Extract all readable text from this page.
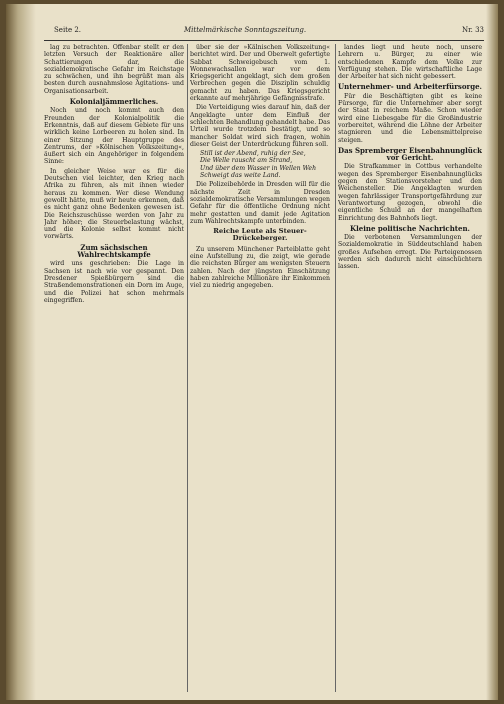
Seite 2.	Mittelmärkische Sonntagszeitung.	Nr. 33

lag zu betrachten. Offenbar stellt er den letzten Versuch der Reaktionäre aller Schattierungen dar, die sozialdemokratische Gefahr im Reichstage zu schwächen, und ihn begrüßt man als besten durch ausnahmslose Agitations- und Organisationsarbeit.

Kolonialjämmerliches.

Noch und noch kommt auch den Freunden der Kolonialpolitik die Erkenntnis, daß auf diesem Gebiete für uns wirklich keine Lorbeeren zu holen sind. In einer Sitzung der Hauptgruppe des Zentrums, der »Kölnischen Volkszeitung«, äußert sich ein Angehöriger in folgendem Sinne:

In gleicher Weise war es für die Deutschen viel leichter, den Krieg nach Afrika zu führen, als mit ihnen wieder heraus zu kommen. Wer diese Wendung gewollt hätte, muß wir heute erkennen, daß es nicht ganz ohne Bedenken gewesen ist. Die Reichszuschüsse werden von Jahr zu Jahr höher; die Steuerbelastung wächst, und die Kolonie selbst kommt nicht vorwärts.

Zum sächsischen Wahlrechtskampfe

wird uns geschrieben: Die Lage in Sachsen ist nach wie vor gespannt. Den Dresdener Spießbürgern sind die Straßendemonstrationen ein Dorn im Auge, und die Polizei hat schon mehrmals eingegriffen.

über sie der »Kälnischen Volkszeitung« berichtet wird. Der und Oberwelt gefertigte Sabbat Schweigebusch vom 1. Wonnewachsallen war vor dem Kriegsgericht angeklagt, sich dem großen Verbrechen gegen die Disziplin schuldig gemacht zu haben. Das Kriegsgericht erkannte auf mehrjährige Gefängnisstrafe.

Die Verteidigung wies darauf hin, daß der Angeklagte unter dem Einfluß der schlechten Behandlung gehandelt habe. Das Urteil wurde trotzdem bestätigt, und so mancher Soldat wird sich fragen, wohin dieser Geist der Unterdrückung führen soll.

Still ist der Abend, ruhig der See,
Die Welle rauscht am Strand,
Und über dem Wasser in Wellen Weh
Schweigt das weite Land.

Die Polizeibehörde in Dresden will für die nächste Zeit in Dresden sozialdemokratische Versammlungen wegen Gefahr für die öffentliche Ordnung nicht mehr gestatten und damit jede Agitation zum Wahlrechtskampfe unterbinden.

Reiche Leute als Steuer-Drückeberger.

Zu unserem Münchener Parteiblatte geht eine Aufstellung zu, die zeigt, wie gerade die reichsten Bürger am wenigsten Steuern zahlen. Nach der jüngsten Einschätzung haben zahlreiche Millionäre ihr Einkommen viel zu niedrig angegeben.

landes liegt und heute noch, unsere Lehrern u. Bürger, zu einer wie entschiedenen Kampfe dem Volke zur Verfügung stehen. Die wirtschaftliche Lage der Arbeiter hat sich nicht gebessert.

Unternehmer- und Arbeiterfürsorge.

Für die Beschäftigten gibt es keine Fürsorge, für die Unternehmer aber sorgt der Staat in reichem Maße. Schon wieder wird eine Liebesgabe für die Großindustrie vorbereitet, während die Löhne der Arbeiter stagnieren und die Lebensmittelpreise steigen.

Das Spremberger Eisenbahnunglück vor Gericht.

Die Strafkammer in Cottbus verhandelte wegen des Spremberger Eisenbahnunglücks gegen den Stationsvorsteher und den Weichensteller. Die Angeklagten wurden wegen fahrlässiger Transportgefährdung zur Verantwortung gezogen, obwohl die eigentliche Schuld an der mangelhaften Einrichtung des Bahnhofs liegt.

Kleine politische Nachrichten.

Die verbotenen Versammlungen der Sozialdemokratie in Süddeutschland haben großes Aufsehen erregt. Die Parteigenossen werden sich dadurch nicht einschüchtern lassen.
